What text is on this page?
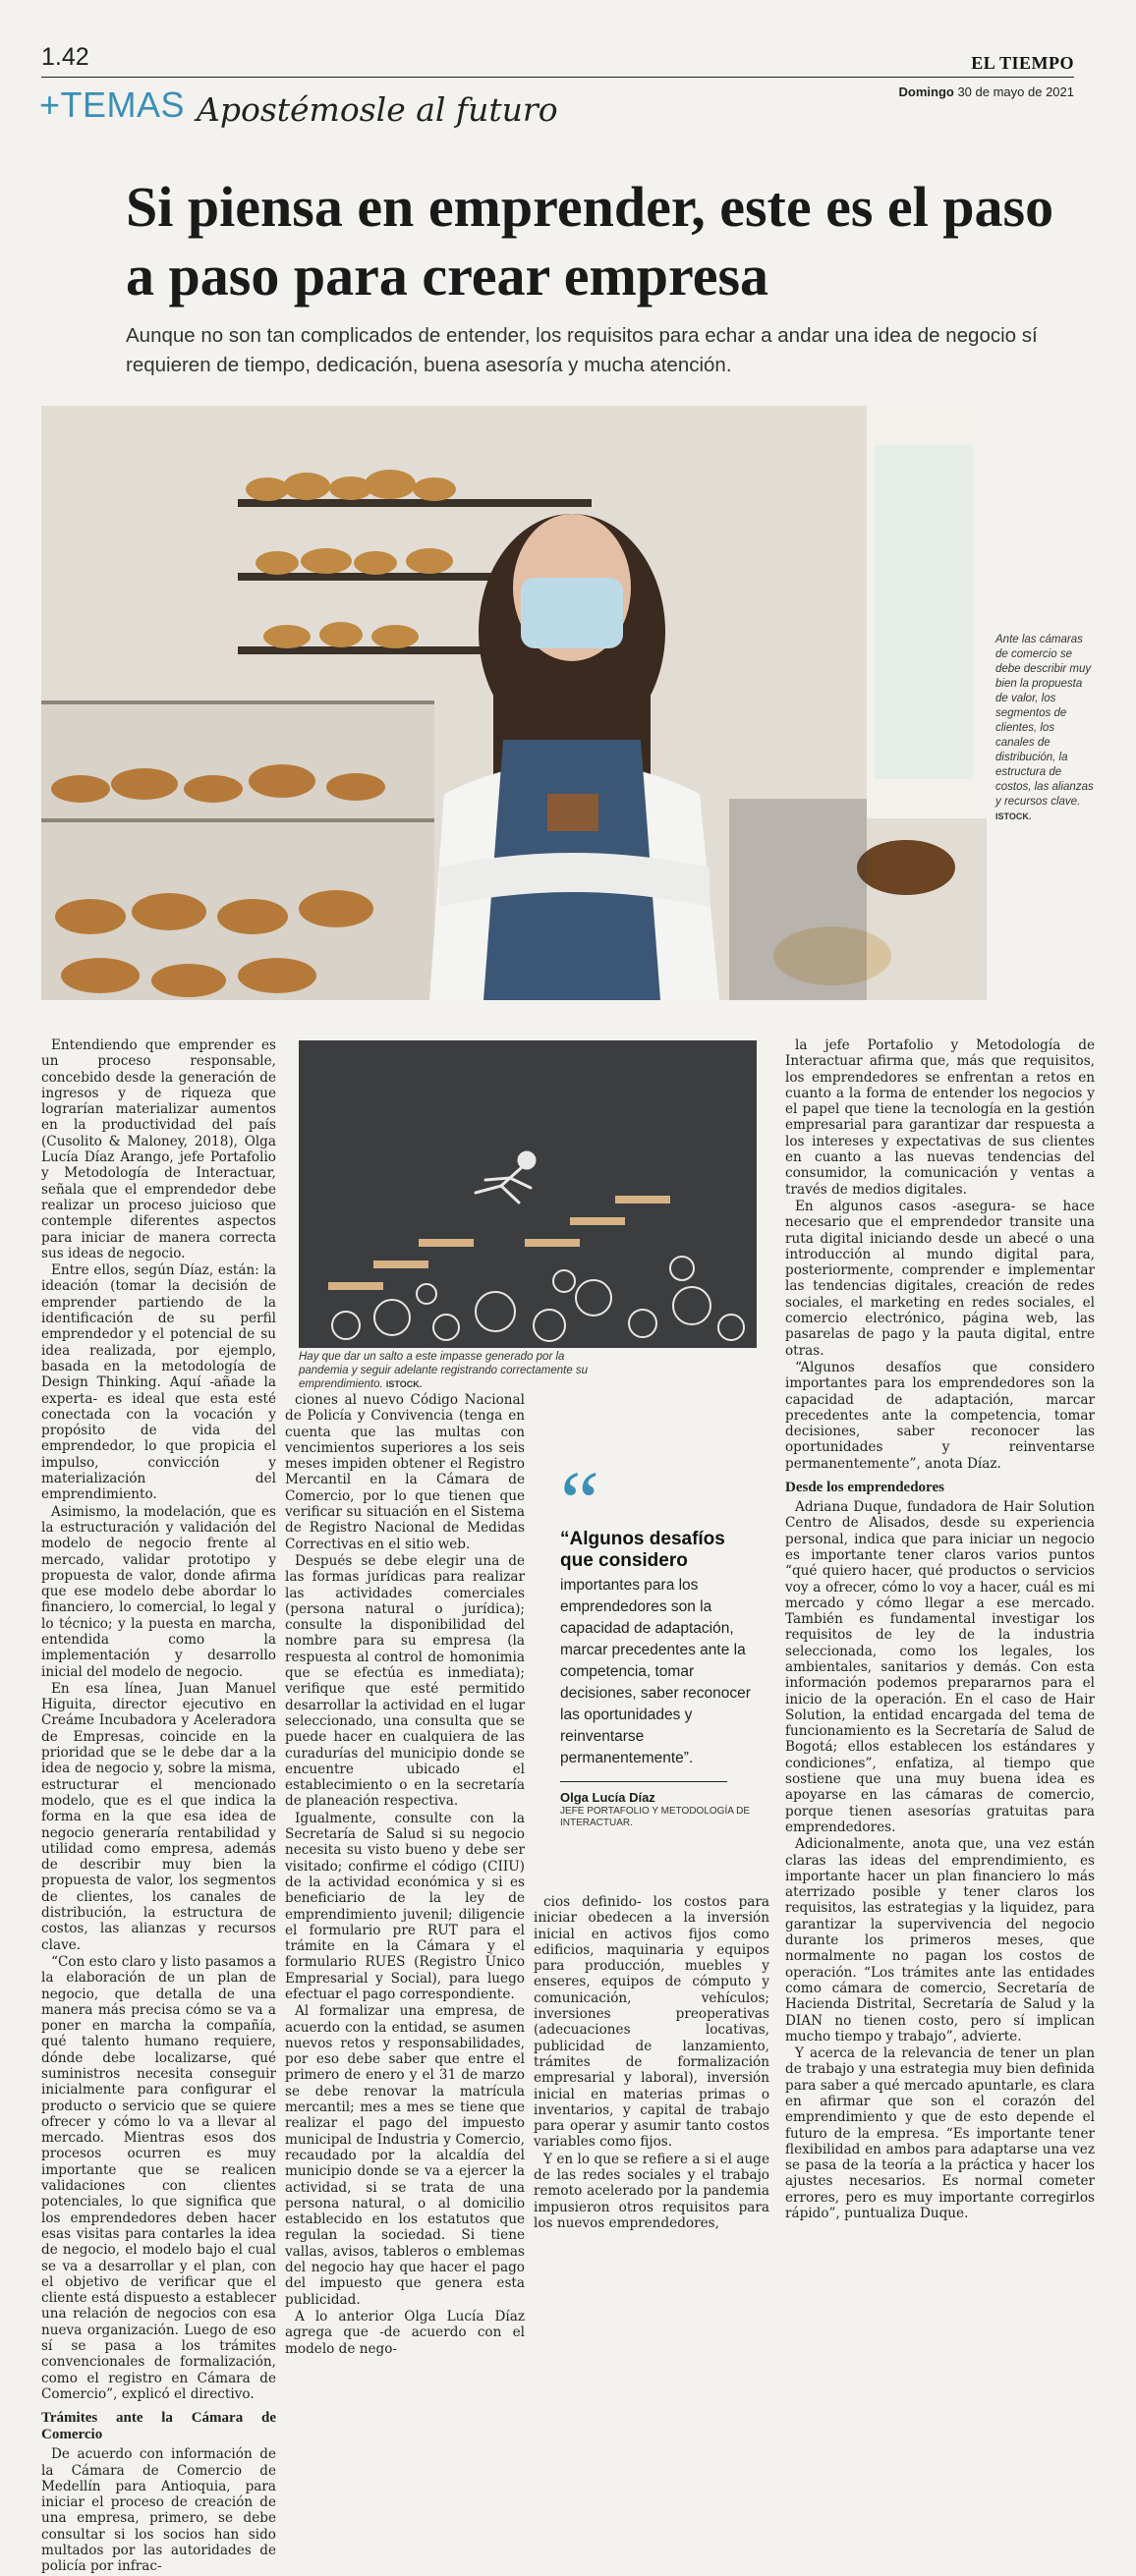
1.42	EL TIEMPO
Domingo 30 de mayo de 2021
+TEMAS Apostémosle al futuro
Si piensa en emprender, este es el paso a paso para crear empresa

Aunque no son tan complicados de entender, los requisitos para echar a andar una idea de negocio sí requieren de tiempo, dedicación, buena asesoría y mucha atención.

Ante las cámaras de comercio se debe describir muy bien la propuesta de valor, los segmentos de clientes, los canales de distribución, la estructura de costos, las alianzas y recursos clave. ISTOCK.
Hay que dar un salto a este impasse generado por la pandemia y seguir adelante registrando correctamente su emprendimiento. ISTOCK.

Entendiendo que emprender es un proceso responsable, concebido desde la generación de ingresos y de riqueza que lograrían materializar aumentos en la productividad del país (Cusolito & Maloney, 2018), Olga Lucía Díaz Arango, jefe Portafolio y Metodología de Interactuar, señala que el emprendedor debe realizar un proceso juicioso que contemple diferentes aspectos para iniciar de manera correcta sus ideas de negocio.

Entre ellos, según Díaz, están: la ideación (tomar la decisión de emprender partiendo de la identificación de su perfil emprendedor y el potencial de su idea realizada, por ejemplo, basada en la metodología de Design Thinking. Aquí -añade la experta- es ideal que esta esté conectada con la vocación y propósito de vida del emprendedor, lo que propicia el impulso, convicción y materialización del emprendimiento.

Asimismo, la modelación, que es la estructuración y validación del modelo de negocio frente al mercado, validar prototipo y propuesta de valor, donde afirma que ese modelo debe abordar lo financiero, lo comercial, lo legal y lo técnico; y la puesta en marcha, entendida como la implementación y desarrollo inicial del modelo de negocio.

En esa línea, Juan Manuel Higuita, director ejecutivo en Creáme Incubadora y Aceleradora de Empresas, coincide en la prioridad que se le debe dar a la idea de negocio y, sobre la misma, estructurar el mencionado modelo, que es el que indica la forma en la que esa idea de negocio generaría rentabilidad y utilidad como empresa, además de describir muy bien la propuesta de valor, los segmentos de clientes, los canales de distribución, la estructura de costos, las alianzas y recursos clave.

“Con esto claro y listo pasamos a la elaboración de un plan de negocio, que detalla de una manera más precisa cómo se va a poner en marcha la compañía, qué talento humano requiere, dónde debe localizarse, qué suministros necesita conseguir inicialmente para configurar el producto o servicio que se quiere ofrecer y cómo lo va a llevar al mercado. Mientras esos dos procesos ocurren es muy importante que se realicen validaciones con clientes potenciales, lo que significa que los emprendedores deben hacer esas visitas para contarles la idea de negocio, el modelo bajo el cual se va a desarrollar y el plan, con el objetivo de verificar que el cliente está dispuesto a establecer una relación de negocios con esa nueva organización. Luego de eso sí se pasa a los trámites convencionales de formalización, como el registro en Cámara de Comercio”, explicó el directivo.

Trámites ante la Cámara de Comercio

De acuerdo con información de la Cámara de Comercio de Medellín para Antioquia, para iniciar el proceso de creación de una empresa, primero, se debe consultar si los socios han sido multados por las autoridades de policía por infrac-

ciones al nuevo Código Nacional de Policía y Convivencia (tenga en cuenta que las multas con vencimientos superiores a los seis meses impiden obtener el Registro Mercantil en la Cámara de Comercio, por lo que tienen que verificar su situación en el Sistema de Registro Nacional de Medidas Correctivas en el sitio web.

Después se debe elegir una de las formas jurídicas para realizar las actividades comerciales (persona natural o jurídica); consulte la disponibilidad del nombre para su empresa (la respuesta al control de homonimia que se efectúa es inmediata); verifique que esté permitido desarrollar la actividad en el lugar seleccionado, una consulta que se puede hacer en cualquiera de las curadurías del municipio donde se encuentre ubicado el establecimiento o en la secretaría de planeación respectiva.

Igualmente, consulte con la Secretaría de Salud si su negocio necesita su visto bueno y debe ser visitado; confirme el código (CIIU) de la actividad económica y si es beneficiario de la ley de emprendimiento juvenil; diligencie el formulario pre RUT para el trámite en la Cámara y el formulario RUES (Registro Único Empresarial y Social), para luego efectuar el pago correspondiente.

Al formalizar una empresa, de acuerdo con la entidad, se asumen nuevos retos y responsabilidades, por eso debe saber que entre el primero de enero y el 31 de marzo se debe renovar la matrícula mercantil; mes a mes se tiene que realizar el pago del impuesto municipal de Industria y Comercio, recaudado por la alcaldía del municipio donde se va a ejercer la actividad, si se trata de una persona natural, o al domicilio establecido en los estatutos que regulan la sociedad. Si tiene vallas, avisos, tableros o emblemas del negocio hay que hacer el pago del impuesto que genera esta publicidad.

A lo anterior Olga Lucía Díaz agrega que -de acuerdo con el modelo de nego-

“
“Algunos desafíos que considero
importantes para los emprendedores son la capacidad de adaptación, marcar precedentes ante la competencia, tomar decisiones, saber reconocer las oportunidades y reinventarse permanentemente”.
Olga Lucía Díaz
JEFE PORTAFOLIO Y METODOLOGÍA DE INTERACTUAR.

cios definido- los costos para iniciar obedecen a la inversión inicial en activos fijos como edificios, maquinaria y equipos para producción, muebles y enseres, equipos de cómputo y comunicación, vehículos; inversiones preoperativas (adecuaciones locativas, publicidad de lanzamiento, trámites de formalización empresarial y laboral), inversión inicial en materias primas o inventarios, y capital de trabajo para operar y asumir tanto costos variables como fijos.

Y en lo que se refiere a si el auge de las redes sociales y el trabajo remoto acelerado por la pandemia impusieron otros requisitos para los nuevos emprendedores,

la jefe Portafolio y Metodología de Interactuar afirma que, más que requisitos, los emprendedores se enfrentan a retos en cuanto a la forma de entender los negocios y el papel que tiene la tecnología en la gestión empresarial para garantizar dar respuesta a los intereses y expectativas de sus clientes en cuanto a las nuevas tendencias del consumidor, la comunicación y ventas a través de medios digitales.

En algunos casos -asegura- se hace necesario que el emprendedor transite una ruta digital iniciando desde un abecé o una introducción al mundo digital para, posteriormente, comprender e implementar las tendencias digitales, creación de redes sociales, el marketing en redes sociales, el comercio electrónico, página web, las pasarelas de pago y la pauta digital, entre otras.

“Algunos desafíos que considero importantes para los emprendedores son la capacidad de adaptación, marcar precedentes ante la competencia, tomar decisiones, saber reconocer las oportunidades y reinventarse permanentemente”, anota Díaz.

Desde los emprendedores

Adriana Duque, fundadora de Hair Solution Centro de Alisados, desde su experiencia personal, indica que para iniciar un negocio es importante tener claros varios puntos “qué quiero hacer, qué productos o servicios voy a ofrecer, cómo lo voy a hacer, cuál es mi mercado y cómo llegar a ese mercado. También es fundamental investigar los requisitos de ley de la industria seleccionada, como los legales, los ambientales, sanitarios y demás. Con esta información podemos prepararnos para el inicio de la operación. En el caso de Hair Solution, la entidad encargada del tema de funcionamiento es la Secretaría de Salud de Bogotá; ellos establecen los estándares y condiciones”, enfatiza, al tiempo que sostiene que una muy buena idea es apoyarse en las cámaras de comercio, porque tienen asesorías gratuitas para emprendedores.

Adicionalmente, anota que, una vez están claras las ideas del emprendimiento, es importante hacer un plan financiero lo más aterrizado posible y tener claros los requisitos, las estrategias y la liquidez, para garantizar la supervivencia del negocio durante los primeros meses, que normalmente no pagan los costos de operación. “Los trámites ante las entidades como cámara de comercio, Secretaría de Hacienda Distrital, Secretaría de Salud y la DIAN no tienen costo, pero sí implican mucho tiempo y trabajo”, advierte.

Y acerca de la relevancia de tener un plan de trabajo y una estrategia muy bien definida para saber a qué mercado apuntarle, es clara en afirmar que son el corazón del emprendimiento y que de esto depende el futuro de la empresa. “Es importante tener flexibilidad en ambos para adaptarse una vez se pasa de la teoría a la práctica y hacer los ajustes necesarios. Es normal cometer errores, pero es muy importante corregirlos rápido”, puntualiza Duque.
